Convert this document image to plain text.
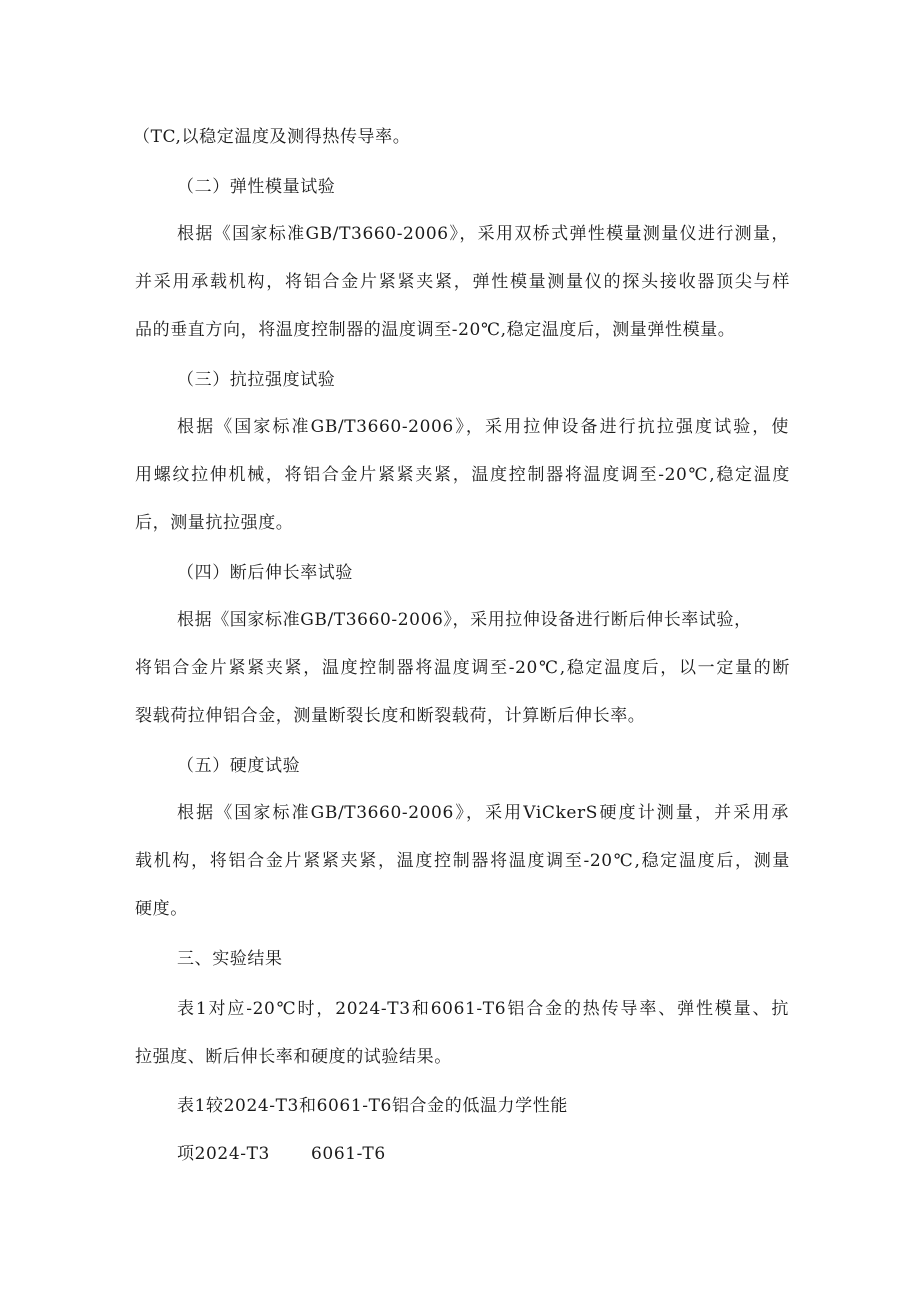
（TC,以稳定温度及测得热传导率。
（二）弹性模量试验
根据《国家标准GB/T3660-2006》，采用双桥式弹性模量测量仪进行测量，
并采用承载机构，将铝合金片紧紧夹紧，弹性模量测量仪的探头接收器顶尖与样
品的垂直方向，将温度控制器的温度调至-20℃,稳定温度后，测量弹性模量。
（三）抗拉强度试验
根据《国家标准GB/T3660-2006》，采用拉伸设备进行抗拉强度试验，使
用螺纹拉伸机械，将铝合金片紧紧夹紧，温度控制器将温度调至-20℃,稳定温度
后，测量抗拉强度。
（四）断后伸长率试验
根据《国家标准GB/T3660-2006》，采用拉伸设备进行断后伸长率试验，
将铝合金片紧紧夹紧，温度控制器将温度调至-20℃,稳定温度后，以一定量的断
裂载荷拉伸铝合金，测量断裂长度和断裂载荷，计算断后伸长率。
（五）硬度试验
根据《国家标准GB/T3660-2006》，采用ViCkerS硬度计测量，并采用承
载机构，将铝合金片紧紧夹紧，温度控制器将温度调至-20℃,稳定温度后，测量
硬度。
三、实验结果
表1对应-20℃时，2024-T3和6061-T6铝合金的热传导率、弹性模量、抗
拉强度、断后伸长率和硬度的试验结果。
表1较2024-T3和6061-T6铝合金的低温力学性能
项2024-T3 6061-T6
